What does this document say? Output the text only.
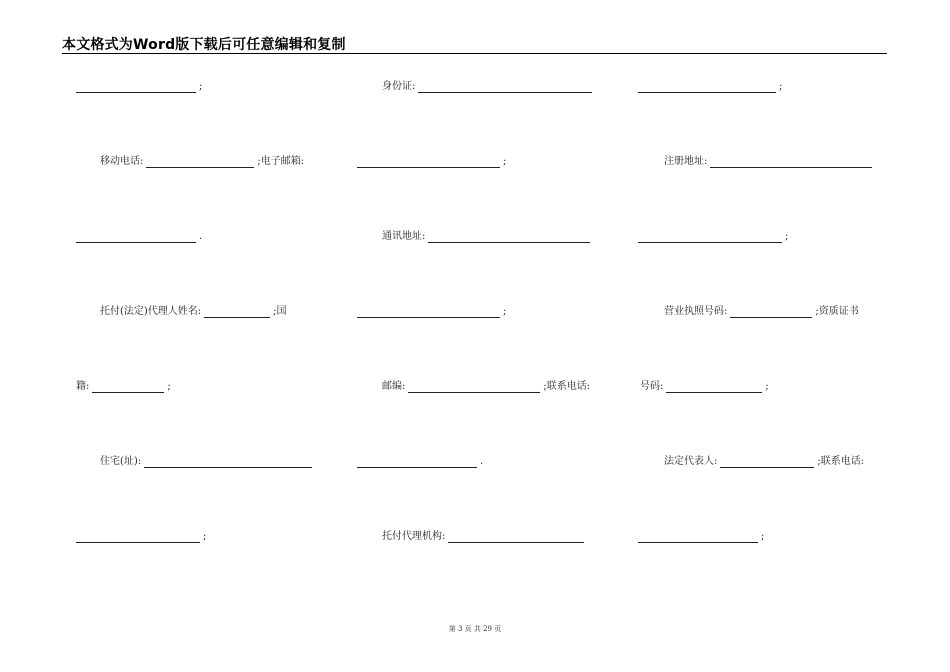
本文格式为Word版下载后可任意编辑和复制
;	身份证:	;
移动电话:	;电子邮箱:	;	注册地址:
.	通讯地址:	;
托付(法定)代理人姓名:	;国	;	营业执照号码:	;资质证书
籍:	;	邮编:	;联系电话:	号码:	;
住宅(址):	.	法定代表人:	;联系电话:
;	托付代理机构:	;
第 3 页 共 29 页
